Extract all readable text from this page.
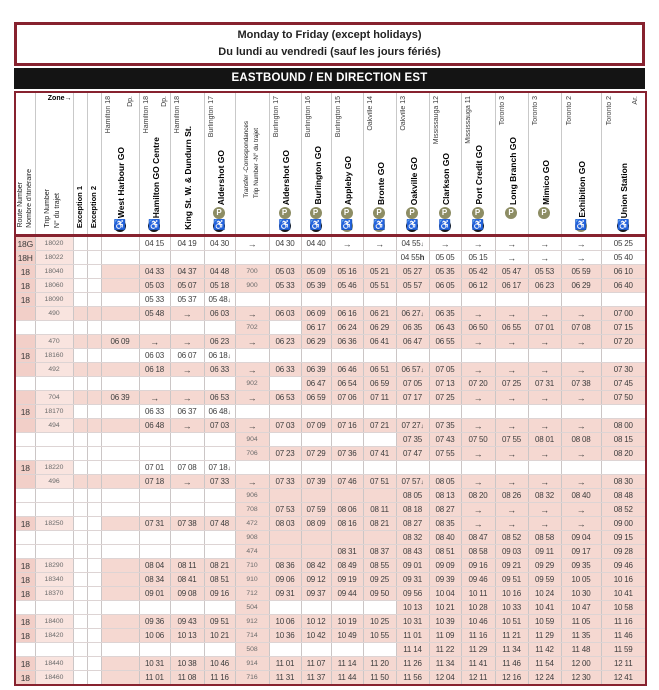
Monday to Friday (except holidays)
Du lundi au vendredi (sauf les jours fériés)
EASTBOUND / EN DIRECTION EST
Route Number Nombre d'itinéraire	Trip Number N° du trajet
Zone→	Exception 1	Exception 2	West Harbour GO
Hamilton 18 Dp.
♿	Hamilton GO Centre
Hamilton 18 Dp.
♿	King St. W. & Dundurn St.
Hamilton 18	Aldershot GO
Burlington 17
P
♿	Transfer -Correspondances Trip Number -N° du trajet	Aldershot GO
Burlington 17
P
♿	Burlington GO
Burlington 16
P
♿	Appleby GO
Burlington 15
P
♿	Bronte GO
Oakville 14
P
♿	Oakville GO
Oakville 13
P
♿	Clarkson GO
Mississauga 12
P
♿	Port Credit GO
Mississauga 11
P
♿	Long Branch GO
Toronto 3
P	Mimico GO
Toronto 3
P	Exhibition GO
Toronto 2
♿	Union Station
Toronto 2 Ar.
♿

18G	18020				04 15	04 19	04 30	→	04 30	04 40	→	→	04 55↓	→	→	→	→	→	05 25
18H	18022												04 55h	05 05	05 15	→	→	→	05 40
18	18040				04 33	04 37	04 48	700	05 03	05 09	05 16	05 21	05 27	05 35	05 42	05 47	05 53	05 59	06 10
18	18060				05 03	05 07	05 18	900	05 33	05 39	05 46	05 51	05 57	06 05	06 12	06 17	06 23	06 29	06 40
18	18090				05 33	05 37	05 48↓												
	490				05 48	→	06 03	→	06 03	06 09	06 16	06 21	06 27↓	06 35	→	→	→	→	07 00
								702		06 17	06 24	06 29	06 35	06 43	06 50	06 55	07 01	07 08	07 15
	470			06 09	→	→	06 23	→	06 23	06 29	06 36	06 41	06 47	06 55	→	→	→	→	07 20
18	18160				06 03	06 07	06 18↓												
	492				06 18	→	06 33	→	06 33	06 39	06 46	06 51	06 57↓	07 05	→	→	→	→	07 30
								902		06 47	06 54	06 59	07 05	07 13	07 20	07 25	07 31	07 38	07 45
	704			06 39	→	→	06 53	→	06 53	06 59	07 06	07 11	07 17	07 25	→	→	→	→	07 50
18	18170				06 33	06 37	06 48↓												
	494				06 48	→	07 03	→	07 03	07 09	07 16	07 21	07 27↓	07 35	→	→	→	→	08 00
								904					07 35	07 43	07 50	07 55	08 01	08 08	08 15
								706	07 23	07 29	07 36	07 41	07 47	07 55	→	→	→	→	08 20
18	18220				07 01	07 08	07 18↓												
	496				07 18	→	07 33	→	07 33	07 39	07 46	07 51	07 57↓	08 05	→	→	→	→	08 30
								906					08 05	08 13	08 20	08 26	08 32	08 40	08 48
								708	07 53	07 59	08 06	08 11	08 18	08 27	→	→	→	→	08 52
18	18250				07 31	07 38	07 48	472	08 03	08 09	08 16	08 21	08 27	08 35	→	→	→	→	09 00
								908					08 32	08 40	08 47	08 52	08 58	09 04	09 15
								474			08 31	08 37	08 43	08 51	08 58	09 03	09 11	09 17	09 28
18	18290				08 04	08 11	08 21	710	08 36	08 42	08 49	08 55	09 01	09 09	09 16	09 21	09 29	09 35	09 46
18	18340				08 34	08 41	08 51	910	09 06	09 12	09 19	09 25	09 31	09 39	09 46	09 51	09 59	10 05	10 16
18	18370				09 01	09 08	09 16	712	09 31	09 37	09 44	09 50	09 56	10 04	10 11	10 16	10 24	10 30	10 41
								504					10 13	10 21	10 28	10 33	10 41	10 47	10 58
18	18400				09 36	09 43	09 51	912	10 06	10 12	10 19	10 25	10 31	10 39	10 46	10 51	10 59	11 05	11 16
18	18420				10 06	10 13	10 21	714	10 36	10 42	10 49	10 55	11 01	11 09	11 16	11 21	11 29	11 35	11 46
								508					11 14	11 22	11 29	11 34	11 42	11 48	11 59
18	18440				10 31	10 38	10 46	914	11 01	11 07	11 14	11 20	11 26	11 34	11 41	11 46	11 54	12 00	12 11
18	18460				11 01	11 08	11 16	716	11 31	11 37	11 44	11 50	11 56	12 04	12 11	12 16	12 24	12 30	12 41
